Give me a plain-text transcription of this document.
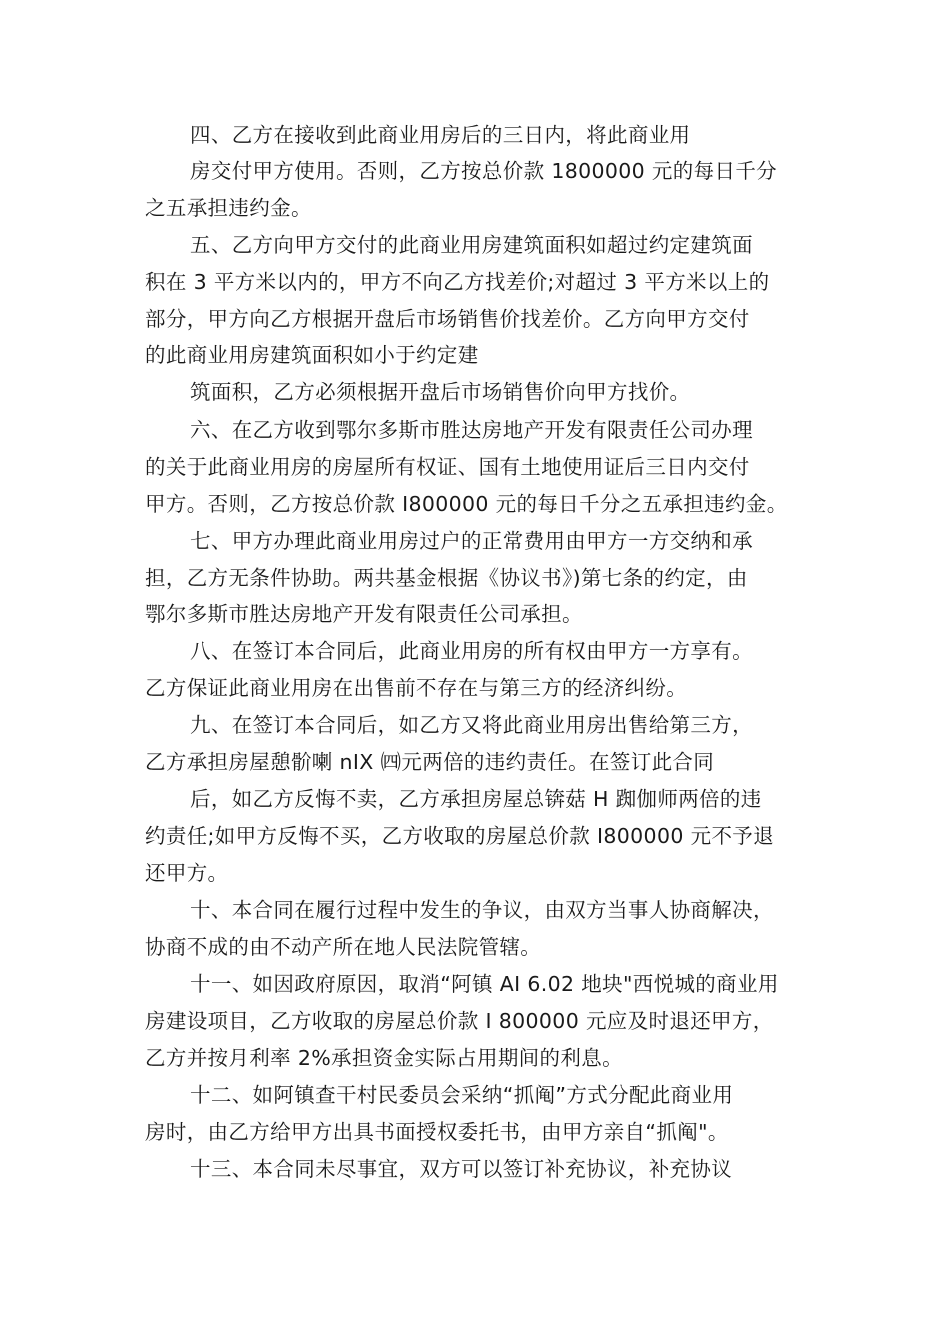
四、乙方在接收到此商业用房后的三日内，将此商业用
房交付甲方使用。否则，乙方按总价款 1800000 元的每日千分
之五承担违约金。
五、乙方向甲方交付的此商业用房建筑面积如超过约定建筑面
积在 3 平方米以内的，甲方不向乙方找差价;对超过 3 平方米以上的
部分，甲方向乙方根据开盘后市场销售价找差价。乙方向甲方交付
的此商业用房建筑面积如小于约定建
筑面积，乙方必须根据开盘后市场销售价向甲方找价。
六、在乙方收到鄂尔多斯市胜达房地产开发有限责任公司办理
的关于此商业用房的房屋所有权证、国有土地使用证后三日内交付
甲方。否则，乙方按总价款 I800000 元的每日千分之五承担违约金。
七、甲方办理此商业用房过户的正常费用由甲方一方交纳和承
担，乙方无条件协助。两共基金根据《协议书》)第七条的约定，由
鄂尔多斯市胜达房地产开发有限责任公司承担。
八、在签订本合同后，此商业用房的所有权由甲方一方享有。
乙方保证此商业用房在出售前不存在与第三方的经济纠纷。
九、在签订本合同后，如乙方又将此商业用房出售给第三方，
乙方承担房屋憩骱喇 nIX ㈣元两倍的违约责任。在签订此合同
后，如乙方反悔不卖，乙方承担房屋总锛菇 H 踟伽师两倍的违
约责任;如甲方反悔不买，乙方收取的房屋总价款 I800000 元不予退
还甲方。
十、本合同在履行过程中发生的争议，由双方当事人协商解决，
协商不成的由不动产所在地人民法院管辖。
十一、如因政府原因，取消“阿镇 AI 6.02 地块"西悦城的商业用
房建设项目，乙方收取的房屋总价款 I 800000 元应及时退还甲方，
乙方并按月利率 2%承担资金实际占用期间的利息。
十二、如阿镇查干村民委员会采纳“抓阄”方式分配此商业用
房时，由乙方给甲方出具书面授权委托书，由甲方亲自“抓阄"。
十三、本合同未尽事宜，双方可以签订补充协议，补充协议
